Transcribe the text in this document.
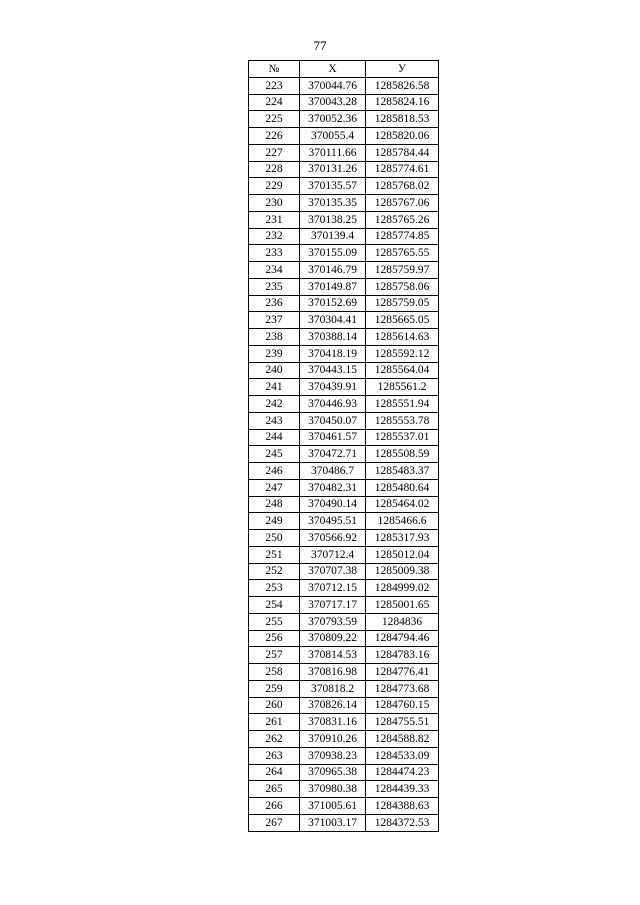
77
№	X	У
223	370044.76	1285826.58
224	370043.28	1285824.16
225	370052.36	1285818.53
226	370055.4	1285820.06
227	370111.66	1285784.44
228	370131.26	1285774.61
229	370135.57	1285768.02
230	370135.35	1285767.06
231	370138.25	1285765.26
232	370139.4	1285774.85
233	370155.09	1285765.55
234	370146.79	1285759.97
235	370149.87	1285758.06
236	370152.69	1285759.05
237	370304.41	1285665.05
238	370388.14	1285614.63
239	370418.19	1285592.12
240	370443.15	1285564.04
241	370439.91	1285561.2
242	370446.93	1285551.94
243	370450.07	1285553.78
244	370461.57	1285537.01
245	370472.71	1285508.59
246	370486.7	1285483.37
247	370482.31	1285480.64
248	370490.14	1285464.02
249	370495.51	1285466.6
250	370566.92	1285317.93
251	370712.4	1285012.04
252	370707.38	1285009.38
253	370712.15	1284999.02
254	370717.17	1285001.65
255	370793.59	1284836
256	370809.22	1284794.46
257	370814.53	1284783.16
258	370816.98	1284776.41
259	370818.2	1284773.68
260	370826.14	1284760.15
261	370831.16	1284755.51
262	370910.26	1284588.82
263	370938.23	1284533.09
264	370965.38	1284474.23
265	370980.38	1284439.33
266	371005.61	1284388.63
267	371003.17	1284372.53
